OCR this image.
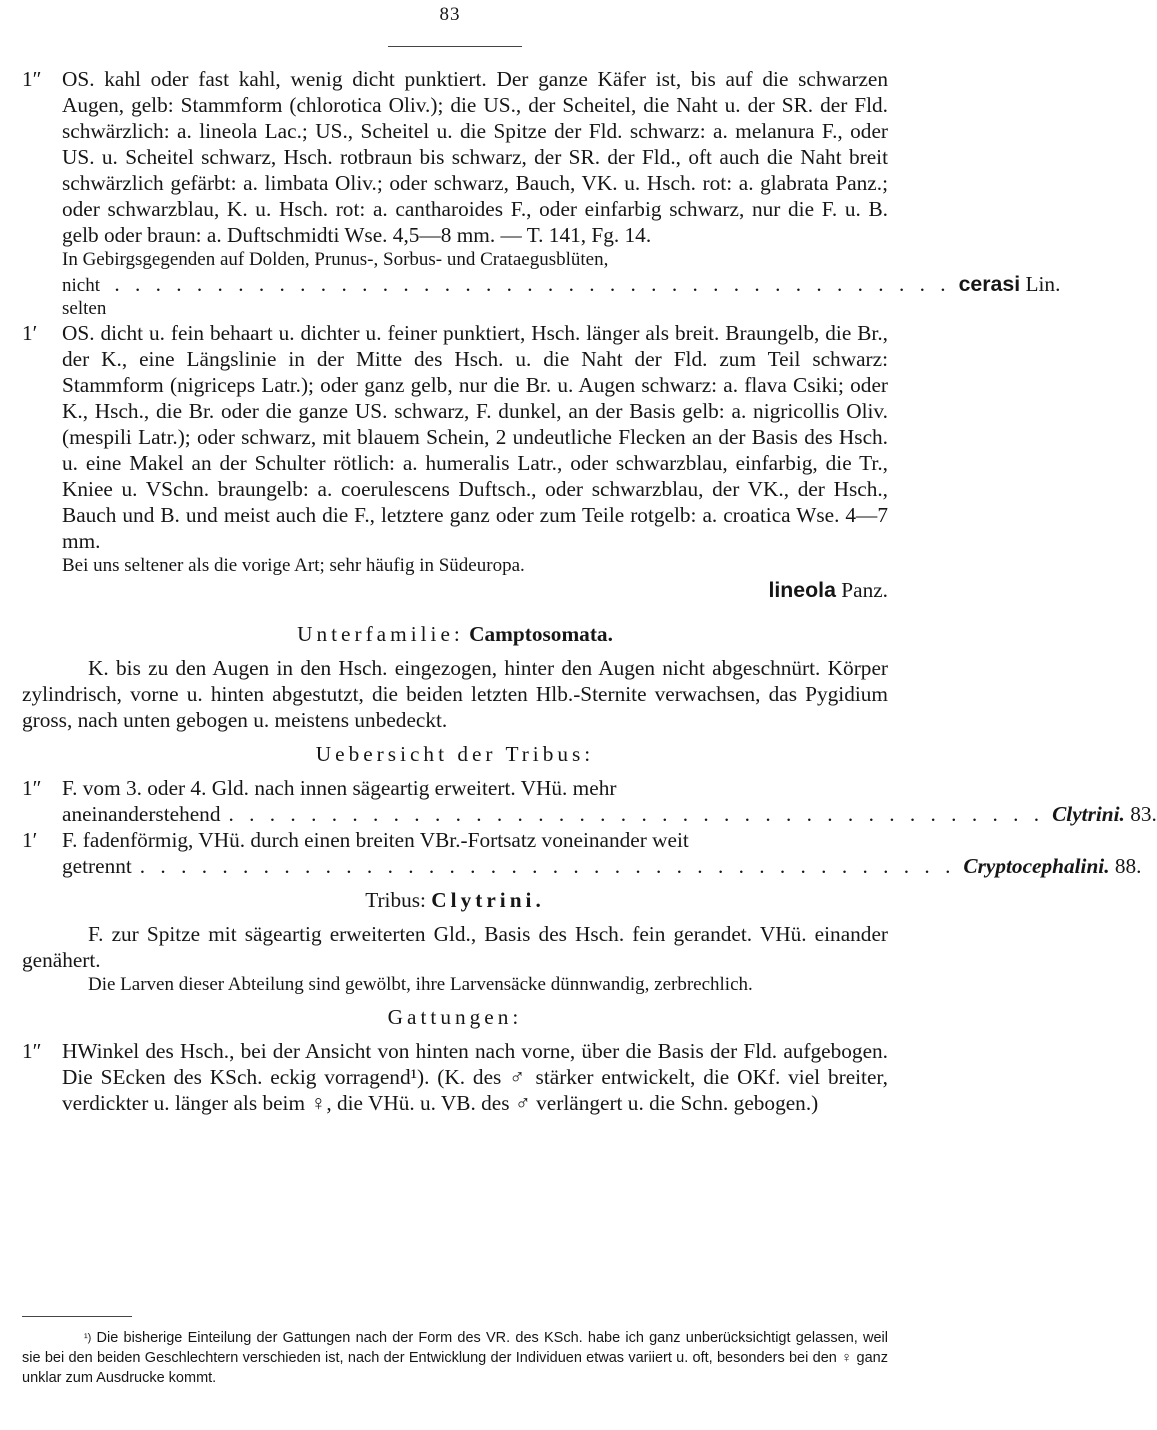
83
1″ OS. kahl oder fast kahl, wenig dicht punktiert. Der ganze Käfer ist, bis auf die schwarzen Augen, gelb: Stammform (chlorotica Oliv.); die US., der Scheitel, die Naht u. der SR. der Fld. schwärzlich: a. lineola Lac.; US., Scheitel u. die Spitze der Fld. schwarz: a. melanura F., oder US. u. Scheitel schwarz, Hsch. rotbraun bis schwarz, der SR. der Fld., oft auch die Naht breit schwärzlich gefärbt: a. limbata Oliv.; oder schwarz, Bauch, VK. u. Hsch. rot: a. glabrata Panz.; oder schwarzblau, K. u. Hsch. rot: a. cantharoides F., oder einfarbig schwarz, nur die F. u. B. gelb oder braun: a. Duftschmidti Wse. 4,5—8 mm. — T. 141, Fg. 14.
In Gebirgsgegenden auf Dolden, Prunus-, Sorbus- und Crataegusblüten,
nicht selten
. . . . . . . . . . . . . . . . . . . . . . . . . . . . . . . . . . . . . . . . . cerasi Lin.
1′ OS. dicht u. fein behaart u. dichter u. feiner punktiert, Hsch. länger als breit. Braungelb, die Br., der K., eine Längslinie in der Mitte des Hsch. u. die Naht der Fld. zum Teil schwarz: Stammform (nigriceps Latr.); oder ganz gelb, nur die Br. u. Augen schwarz: a. flava Csiki; oder K., Hsch., die Br. oder die ganze US. schwarz, F. dunkel, an der Basis gelb: a. nigricollis Oliv. (mespili Latr.); oder schwarz, mit blauem Schein, 2 undeutliche Flecken an der Basis des Hsch. u. eine Makel an der Schulter rötlich: a. humeralis Latr., oder schwarzblau, einfarbig, die Tr., Kniee u. VSchn. braungelb: a. coerulescens Duftsch., oder schwarzblau, der VK., der Hsch., Bauch und B. und meist auch die F., letztere ganz oder zum Teile rotgelb: a. croatica Wse. 4—7 mm.
Bei uns seltener als die vorige Art; sehr häufig in Südeuropa.
lineola Panz.
Unterfamilie: Camptosomata.
K. bis zu den Augen in den Hsch. eingezogen, hinter den Augen nicht abgeschnürt. Körper zylindrisch, vorne u. hinten abgestutzt, die beiden letzten Hlb.-Sternite verwachsen, das Pygidium gross, nach unten gebogen u. meistens unbedeckt.
Uebersicht der Tribus:
1″ F. vom 3. oder 4. Gld. nach innen sägeartig erweitert. VHü. mehr
aneinanderstehend . . . . . . . . . . . . . . . . . . . . . . . . . . . . . . . . . . . . . . . . Clytrini. 83.
1′ F. fadenförmig, VHü. durch einen breiten VBr.-Fortsatz voneinander weit
getrennt . . . . . . . . . . . . . . . . . . . . . . . . . . . . . . . . . . . . . . . . Cryptocephalini. 88.
Tribus: Clytrini.
F. zur Spitze mit sägeartig erweiterten Gld., Basis des Hsch. fein gerandet. VHü. einander genähert.
Die Larven dieser Abteilung sind gewölbt, ihre Larvensäcke dünnwandig, zerbrechlich.
Gattungen:
1″ HWinkel des Hsch., bei der Ansicht von hinten nach vorne, über die Basis der Fld. aufgebogen. Die SEcken des KSch. eckig vorragend¹). (K. des ♂ stärker entwickelt, die OKf. viel breiter, verdickter u. länger als beim ♀, die VHü. u. VB. des ♂ verlängert u. die Schn. gebogen.)
$^{^1)}$ Die bisherige Einteilung der Gattungen nach der Form des VR. des KSch. habe ich ganz unberücksichtigt gelassen, weil sie bei den beiden Geschlechtern verschieden ist, nach der Entwicklung der Individuen etwas variiert u. oft, besonders bei den ♀ ganz unklar zum Ausdrucke kommt.
